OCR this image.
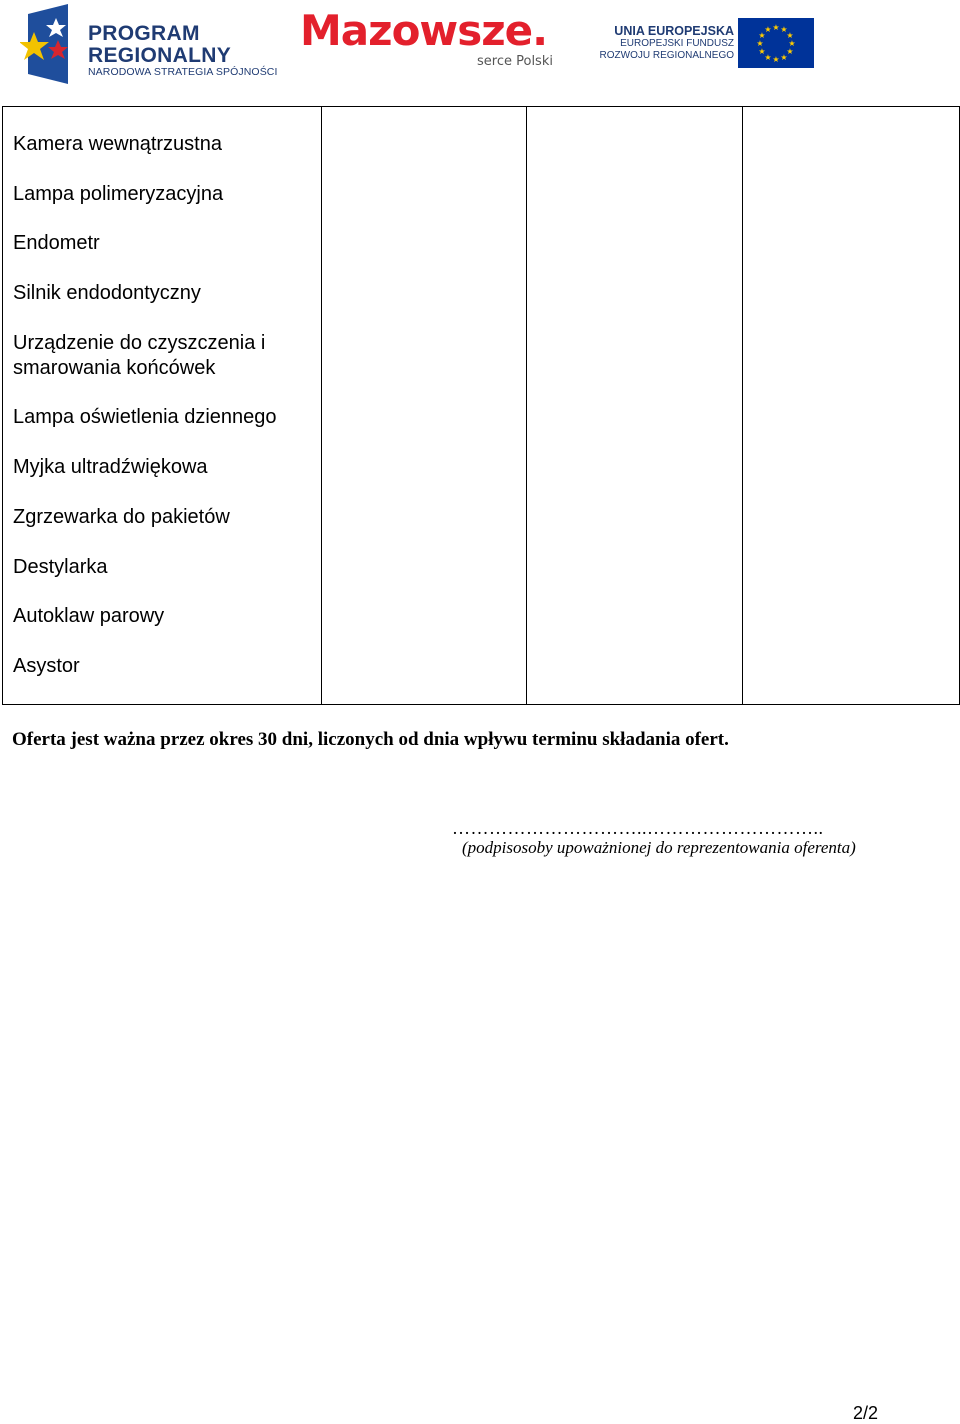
PROGRAM
REGIONALNY
NARODOWA STRATEGIA SPÓJNOŚCI
Mazowsze.
serce Polski
UNIA EUROPEJSKA
EUROPEJSKI FUNDUSZ
ROZWOJU REGIONALNEGO
★ ★
★
★
★
★
★
★
★
★
★
★
Kamera wewnątrzustna
Lampa polimeryzacyjna
Endometr
Silnik endodontyczny
Urządzenie do czyszczenia i smarowania końcówek
Lampa oświetlenia dziennego
Myjka ultradźwiękowa
Zgrzewarka do pakietów
Destylarka
Autoklaw parowy
Asystor

Oferta jest ważna przez okres 30 dni, liczonych od dnia wpływu terminu składania ofert.
…………………………..………………………..
(podpisosoby upoważnionej do reprezentowania oferenta)
2/2
